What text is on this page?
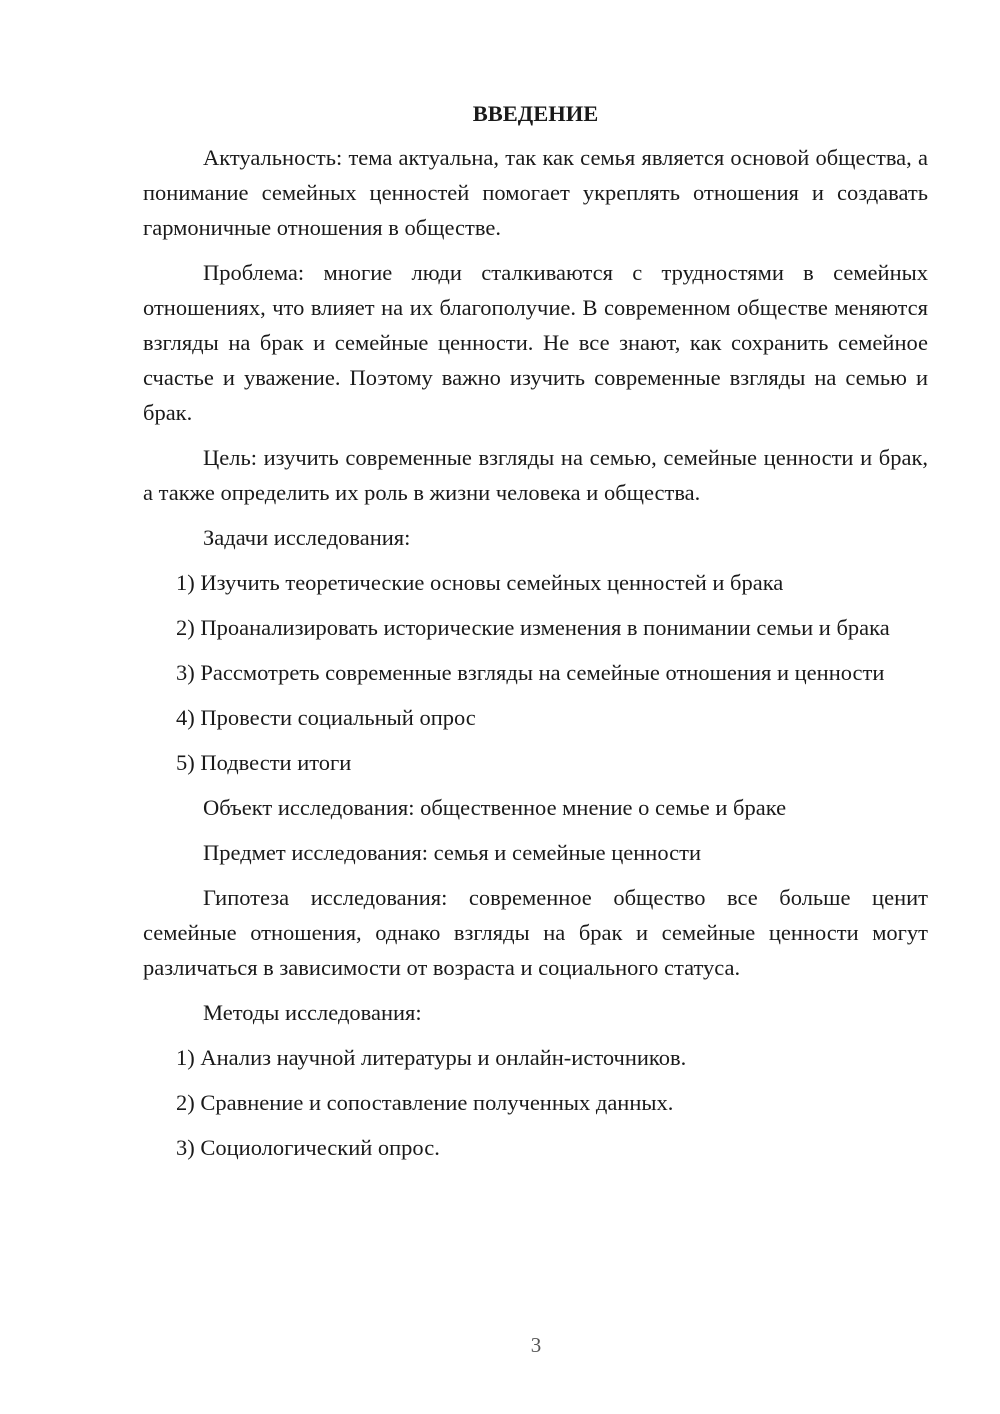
ВВЕДЕНИЕ

Актуальность: тема актуальна, так как семья является основой общества, а понимание семейных ценностей помогает укреплять отношения и создавать гармоничные отношения в обществе.

Проблема: многие люди сталкиваются с трудностями в семейных отношениях, что влияет на их благополучие. В современном обществе меняются взгляды на брак и семейные ценности. Не все знают, как сохранить семейное счастье и уважение. Поэтому важно изучить современные взгляды на семью и брак.

Цель: изучить современные взгляды на семью, семейные ценности и брак, а также определить их роль в жизни человека и общества.

Задачи исследования:

1) Изучить теоретические основы семейных ценностей и брака

2) Проанализировать исторические изменения в понимании семьи и брака

3) Рассмотреть современные взгляды на семейные отношения и ценности

4) Провести социальный опрос

5) Подвести итоги

Объект исследования: общественное мнение о семье и браке

Предмет исследования: семья и семейные ценности

Гипотеза исследования: современное общество все больше ценит семейные отношения, однако взгляды на брак и семейные ценности могут различаться в зависимости от возраста и социального статуса.

Методы исследования:

1) Анализ научной литературы и онлайн-источников.

2) Сравнение и сопоставление полученных данных.

3) Социологический опрос.

3
